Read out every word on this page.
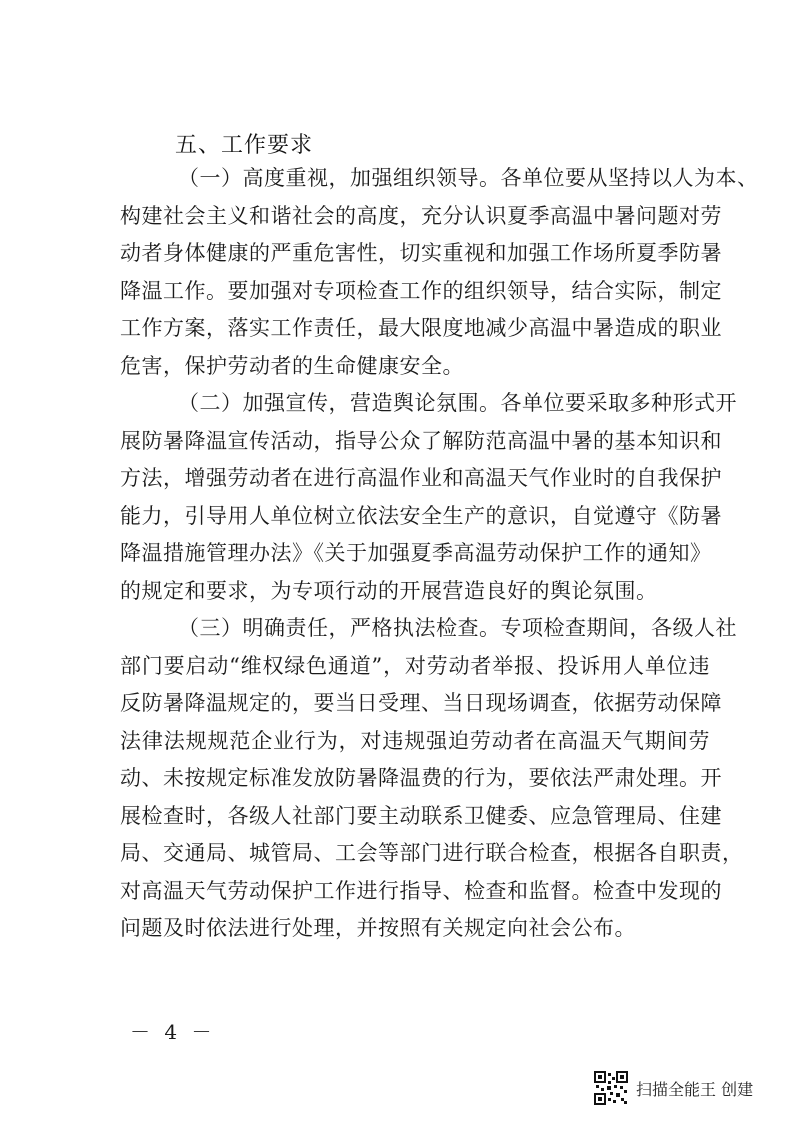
五、工作要求
（一）高度重视，加强组织领导。各单位要从坚持以人为本、
构建社会主义和谐社会的高度，充分认识夏季高温中暑问题对劳
动者身体健康的严重危害性，切实重视和加强工作场所夏季防暑
降温工作。要加强对专项检查工作的组织领导，结合实际，制定
工作方案，落实工作责任，最大限度地减少高温中暑造成的职业
危害，保护劳动者的生命健康安全。
（二）加强宣传，营造舆论氛围。各单位要采取多种形式开
展防暑降温宣传活动，指导公众了解防范高温中暑的基本知识和
方法，增强劳动者在进行高温作业和高温天气作业时的自我保护
能力，引导用人单位树立依法安全生产的意识，自觉遵守《防暑
降温措施管理办法》《关于加强夏季高温劳动保护工作的通知》
的规定和要求，为专项行动的开展营造良好的舆论氛围。
（三）明确责任，严格执法检查。专项检查期间，各级人社
部门要启动“维权绿色通道”，对劳动者举报、投诉用人单位违
反防暑降温规定的，要当日受理、当日现场调查，依据劳动保障
法律法规规范企业行为，对违规强迫劳动者在高温天气期间劳
动、未按规定标准发放防暑降温费的行为，要依法严肃处理。开
展检查时，各级人社部门要主动联系卫健委、应急管理局、住建
局、交通局、城管局、工会等部门进行联合检查，根据各自职责，
－ 4 －
扫描全能王 创建
对高温天气劳动保护工作进行指导、检查和监督。检查中发现的
问题及时依法进行处理，并按照有关规定向社会公布。
